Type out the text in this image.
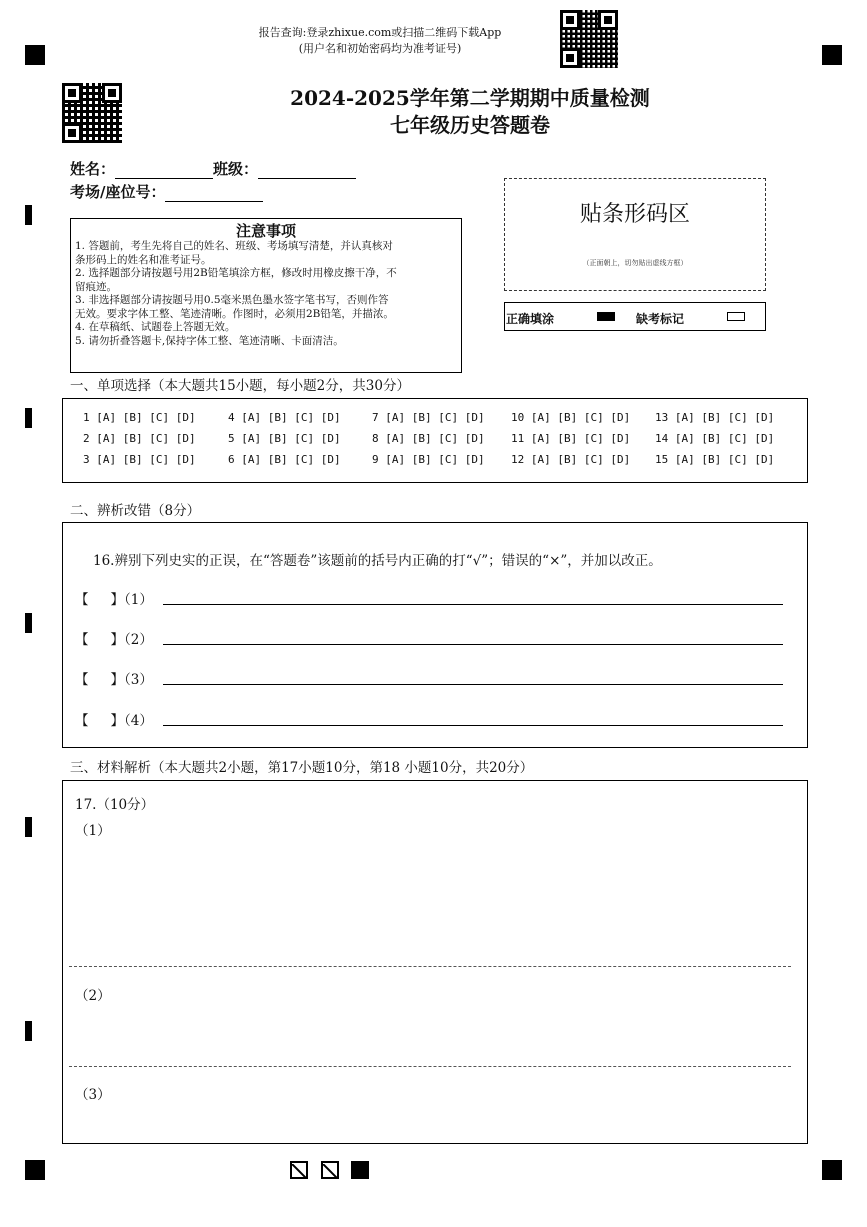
报告查询:登录zhixue.com或扫描二维码下载App
(用户名和初始密码均为准考证号)
2024-2025学年第二学期期中质量检测
七年级历史答题卷
姓名：	班级：
考场/座位号：
贴条形码区
（正面朝上，切勿贴出虚线方框）
正确填涂	缺考标记
注意事项
1. 答题前，考生先将自己的姓名、班级、考场填写清楚，并认真核对
条形码上的姓名和准考证号。
2. 选择题部分请按题号用2B铅笔填涂方框，修改时用橡皮擦干净，不
留痕迹。
3. 非选择题部分请按题号用0.5毫米黑色墨水签字笔书写，否则作答
无效。要求字体工整、笔迹清晰。作图时，必须用2B铅笔，并描浓。
4. 在草稿纸、试题卷上答题无效。
5. 请勿折叠答题卡,保持字体工整、笔迹清晰、卡面清洁。
一、单项选择（本大题共15小题，每小题2分，共30分）
1 [A] [B] [C] [D]
2 [A] [B] [C] [D]
3 [A] [B] [C] [D]
4 [A] [B] [C] [D]
5 [A] [B] [C] [D]
6 [A] [B] [C] [D]
7 [A] [B] [C] [D]
8 [A] [B] [C] [D]
9 [A] [B] [C] [D]
10 [A] [B] [C] [D]
11 [A] [B] [C] [D]
12 [A] [B] [C] [D]
13 [A] [B] [C] [D]
14 [A] [B] [C] [D]
15 [A] [B] [C] [D]
二、辨析改错（8分）
16.辨别下列史实的正误，在“答题卷”该题前的括号内正确的打“√”；错误的“×”，并加以改正。
【 】（1）
【 】（2）
【 】（3）
【 】（4）
三、材料解析（本大题共2小题，第17小题10分，第18 小题10分，共20分）
17.（10分）
（1）
（2）
（3）
